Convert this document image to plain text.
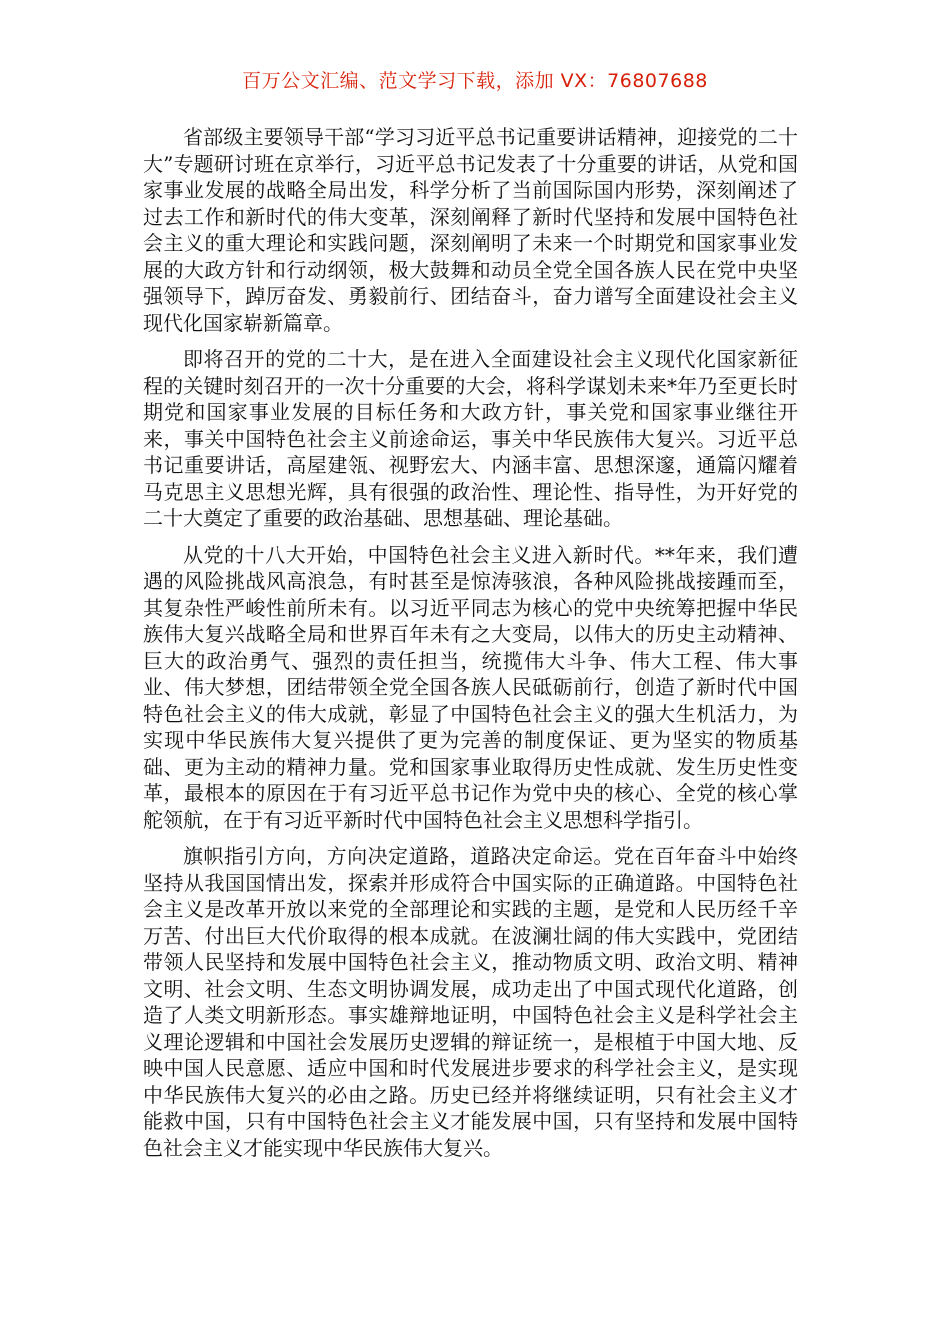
百万公文汇编、范文学习下载，添加 VX：76807688

省部级主要领导干部“学习习近平总书记重要讲话精神，迎接党的二十大”专题研讨班在京举行，习近平总书记发表了十分重要的讲话，从党和国家事业发展的战略全局出发，科学分析了当前国际国内形势，深刻阐述了过去工作和新时代的伟大变革，深刻阐释了新时代坚持和发展中国特色社会主义的重大理论和实践问题，深刻阐明了未来一个时期党和国家事业发展的大政方针和行动纲领，极大鼓舞和动员全党全国各族人民在党中央坚强领导下，踔厉奋发、勇毅前行、团结奋斗，奋力谱写全面建设社会主义现代化国家崭新篇章。

即将召开的党的二十大，是在进入全面建设社会主义现代化国家新征程的关键时刻召开的一次十分重要的大会，将科学谋划未来*年乃至更长时期党和国家事业发展的目标任务和大政方针，事关党和国家事业继往开来，事关中国特色社会主义前途命运，事关中华民族伟大复兴。习近平总书记重要讲话，高屋建瓴、视野宏大、内涵丰富、思想深邃，通篇闪耀着马克思主义思想光辉，具有很强的政治性、理论性、指导性，为开好党的二十大奠定了重要的政治基础、思想基础、理论基础。

从党的十八大开始，中国特色社会主义进入新时代。**年来，我们遭遇的风险挑战风高浪急，有时甚至是惊涛骇浪，各种风险挑战接踵而至，其复杂性严峻性前所未有。以习近平同志为核心的党中央统筹把握中华民族伟大复兴战略全局和世界百年未有之大变局，以伟大的历史主动精神、巨大的政治勇气、强烈的责任担当，统揽伟大斗争、伟大工程、伟大事业、伟大梦想，团结带领全党全国各族人民砥砺前行，创造了新时代中国特色社会主义的伟大成就，彰显了中国特色社会主义的强大生机活力，为实现中华民族伟大复兴提供了更为完善的制度保证、更为坚实的物质基础、更为主动的精神力量。党和国家事业取得历史性成就、发生历史性变革，最根本的原因在于有习近平总书记作为党中央的核心、全党的核心掌舵领航，在于有习近平新时代中国特色社会主义思想科学指引。

旗帜指引方向，方向决定道路，道路决定命运。党在百年奋斗中始终坚持从我国国情出发，探索并形成符合中国实际的正确道路。中国特色社会主义是改革开放以来党的全部理论和实践的主题，是党和人民历经千辛万苦、付出巨大代价取得的根本成就。在波澜壮阔的伟大实践中，党团结带领人民坚持和发展中国特色社会主义，推动物质文明、政治文明、精神文明、社会文明、生态文明协调发展，成功走出了中国式现代化道路，创造了人类文明新形态。事实雄辩地证明，中国特色社会主义是科学社会主义理论逻辑和中国社会发展历史逻辑的辩证统一，是根植于中国大地、反映中国人民意愿、适应中国和时代发展进步要求的科学社会主义，是实现中华民族伟大复兴的必由之路。历史已经并将继续证明，只有社会主义才能救中国，只有中国特色社会主义才能发展中国，只有坚持和发展中国特色社会主义才能实现中华民族伟大复兴。
